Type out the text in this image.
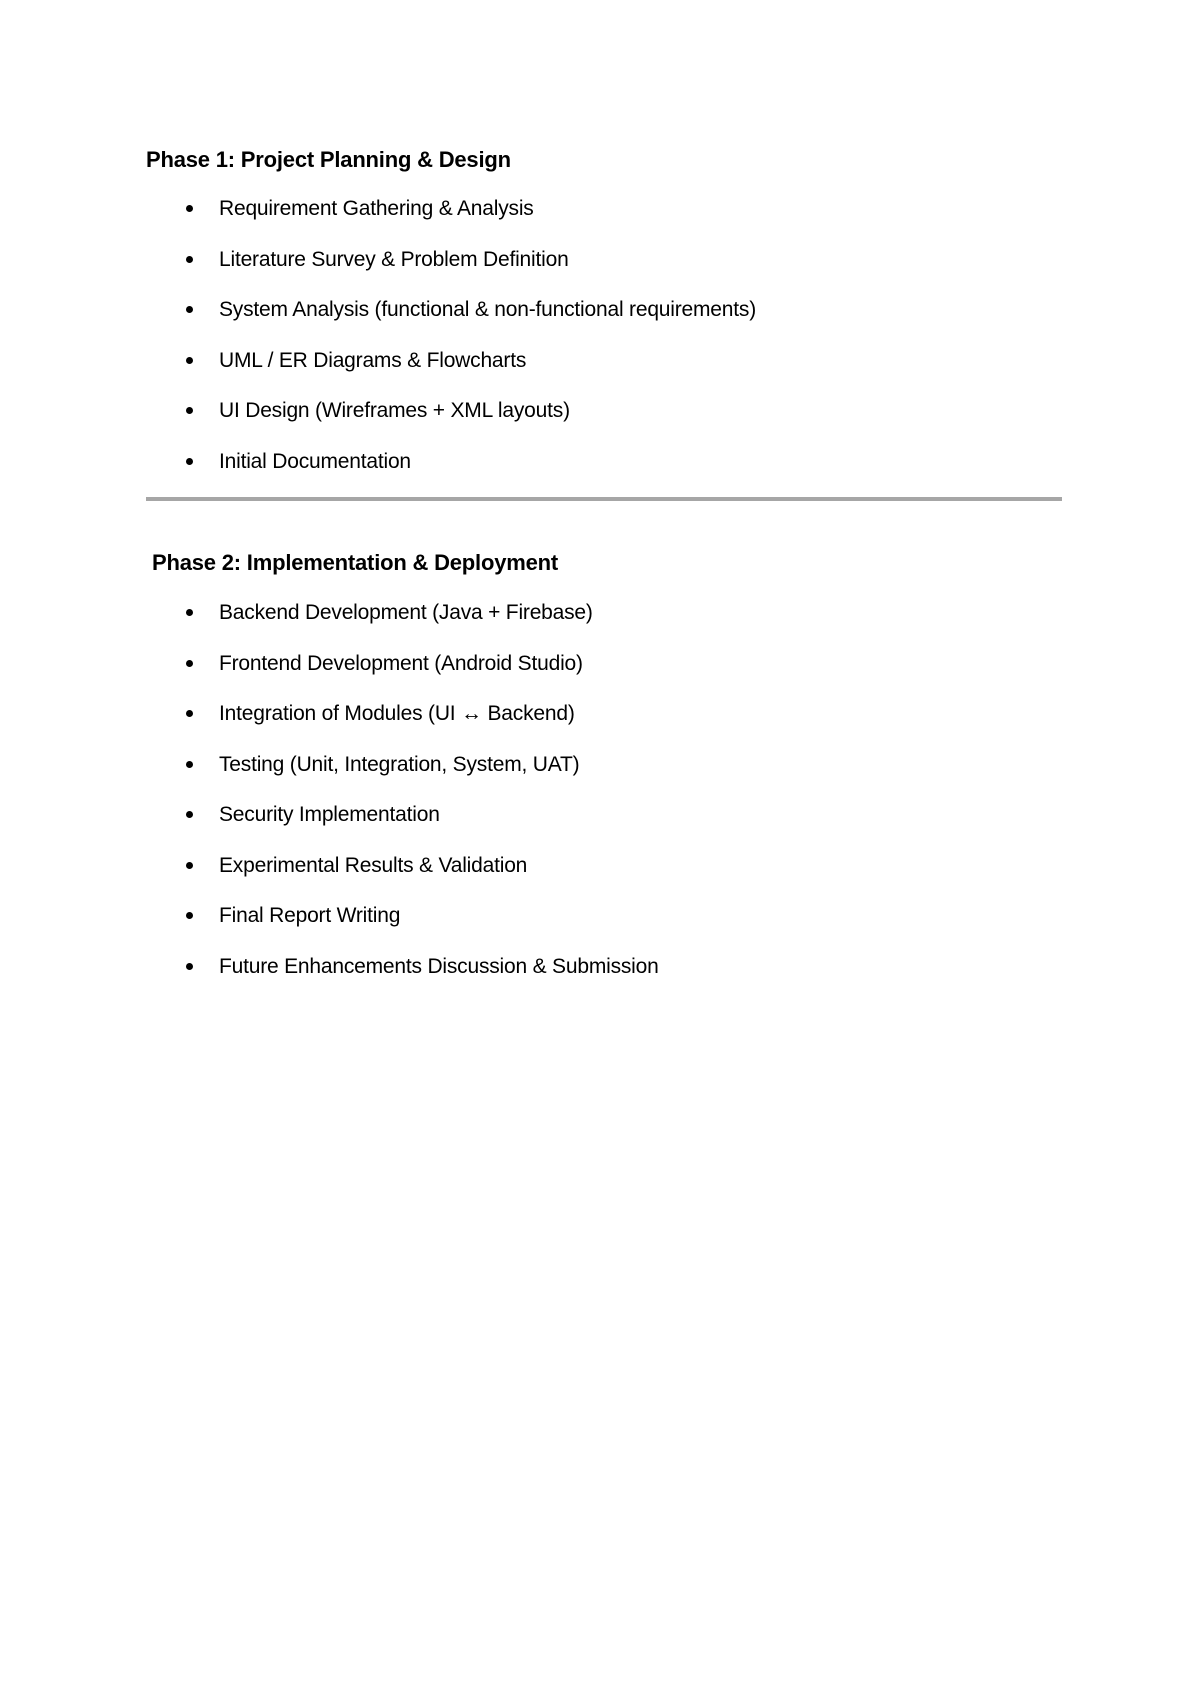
Phase 1: Project Planning & Design
Requirement Gathering & Analysis
Literature Survey & Problem Definition
System Analysis (functional & non-functional requirements)
UML / ER Diagrams & Flowcharts
UI Design (Wireframes + XML layouts)
Initial Documentation
Phase 2: Implementation & Deployment
Backend Development (Java + Firebase)
Frontend Development (Android Studio)
Integration of Modules (UI ↔ Backend)
Testing (Unit, Integration, System, UAT)
Security Implementation
Experimental Results & Validation
Final Report Writing
Future Enhancements Discussion & Submission
